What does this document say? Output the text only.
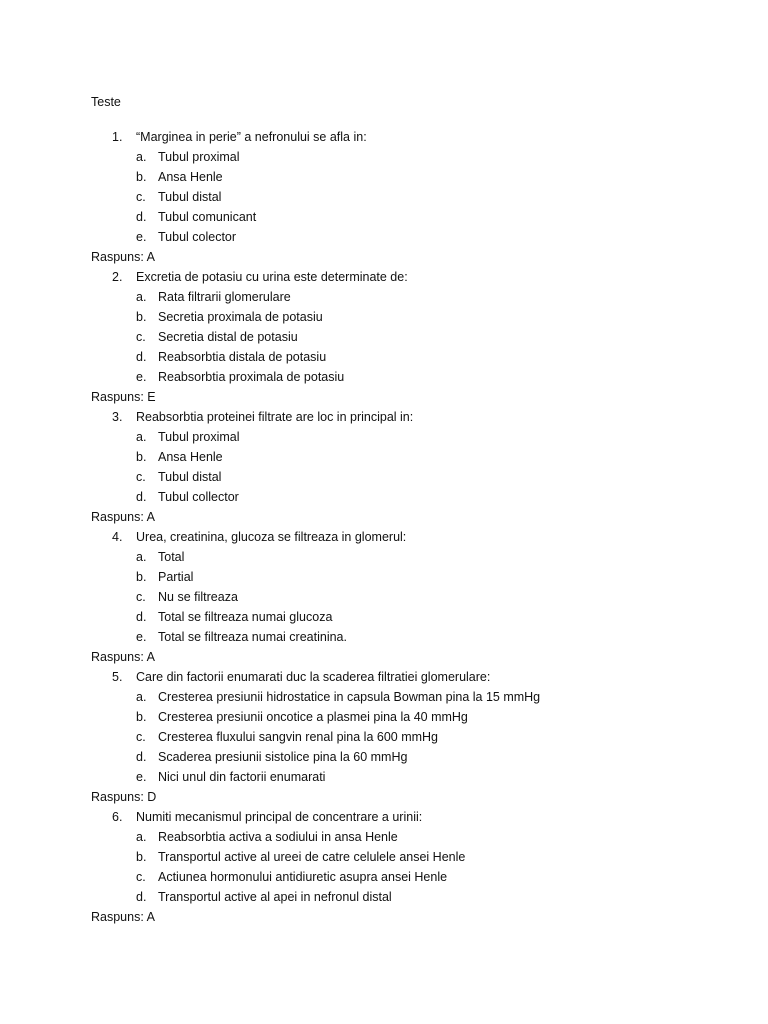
Teste
1.	“Marginea in perie” a nefronului se afla in:
a. Tubul proximal
b. Ansa Henle
c. Tubul distal
d. Tubul comunicant
e. Tubul colector
Raspuns: A
2.	Excretia de potasiu cu urina este determinate de:
a. Rata filtrarii glomerulare
b. Secretia proximala de potasiu
c. Secretia distal de potasiu
d. Reabsorbtia distala de potasiu
e. Reabsorbtia proximala de potasiu
Raspuns: E
3.	Reabsorbtia proteinei filtrate are loc in principal in:
a. Tubul proximal
b. Ansa Henle
c. Tubul distal
d. Tubul collector
Raspuns: A
4.	Urea, creatinina, glucoza se filtreaza in glomerul:
a. Total
b. Partial
c. Nu se filtreaza
d. Total se filtreaza numai glucoza
e. Total se filtreaza numai creatinina.
Raspuns: A
5.	Care din factorii enumarati duc la scaderea filtratiei glomerulare:
a. Cresterea presiunii hidrostatice in capsula Bowman pina la 15 mmHg
b. Cresterea presiunii oncotice a plasmei pina la 40 mmHg
c. Cresterea fluxului sangvin renal pina la 600 mmHg
d. Scaderea presiunii sistolice pina la 60 mmHg
e. Nici unul din factorii enumarati
Raspuns: D
6.	Numiti mecanismul principal de concentrare a urinii:
a. Reabsorbtia activa a sodiului in ansa Henle
b. Transportul active al ureei de catre celulele ansei Henle
c. Actiunea hormonului antidiuretic asupra ansei Henle
d. Transportul active al apei in nefronul distal
Raspuns: A
